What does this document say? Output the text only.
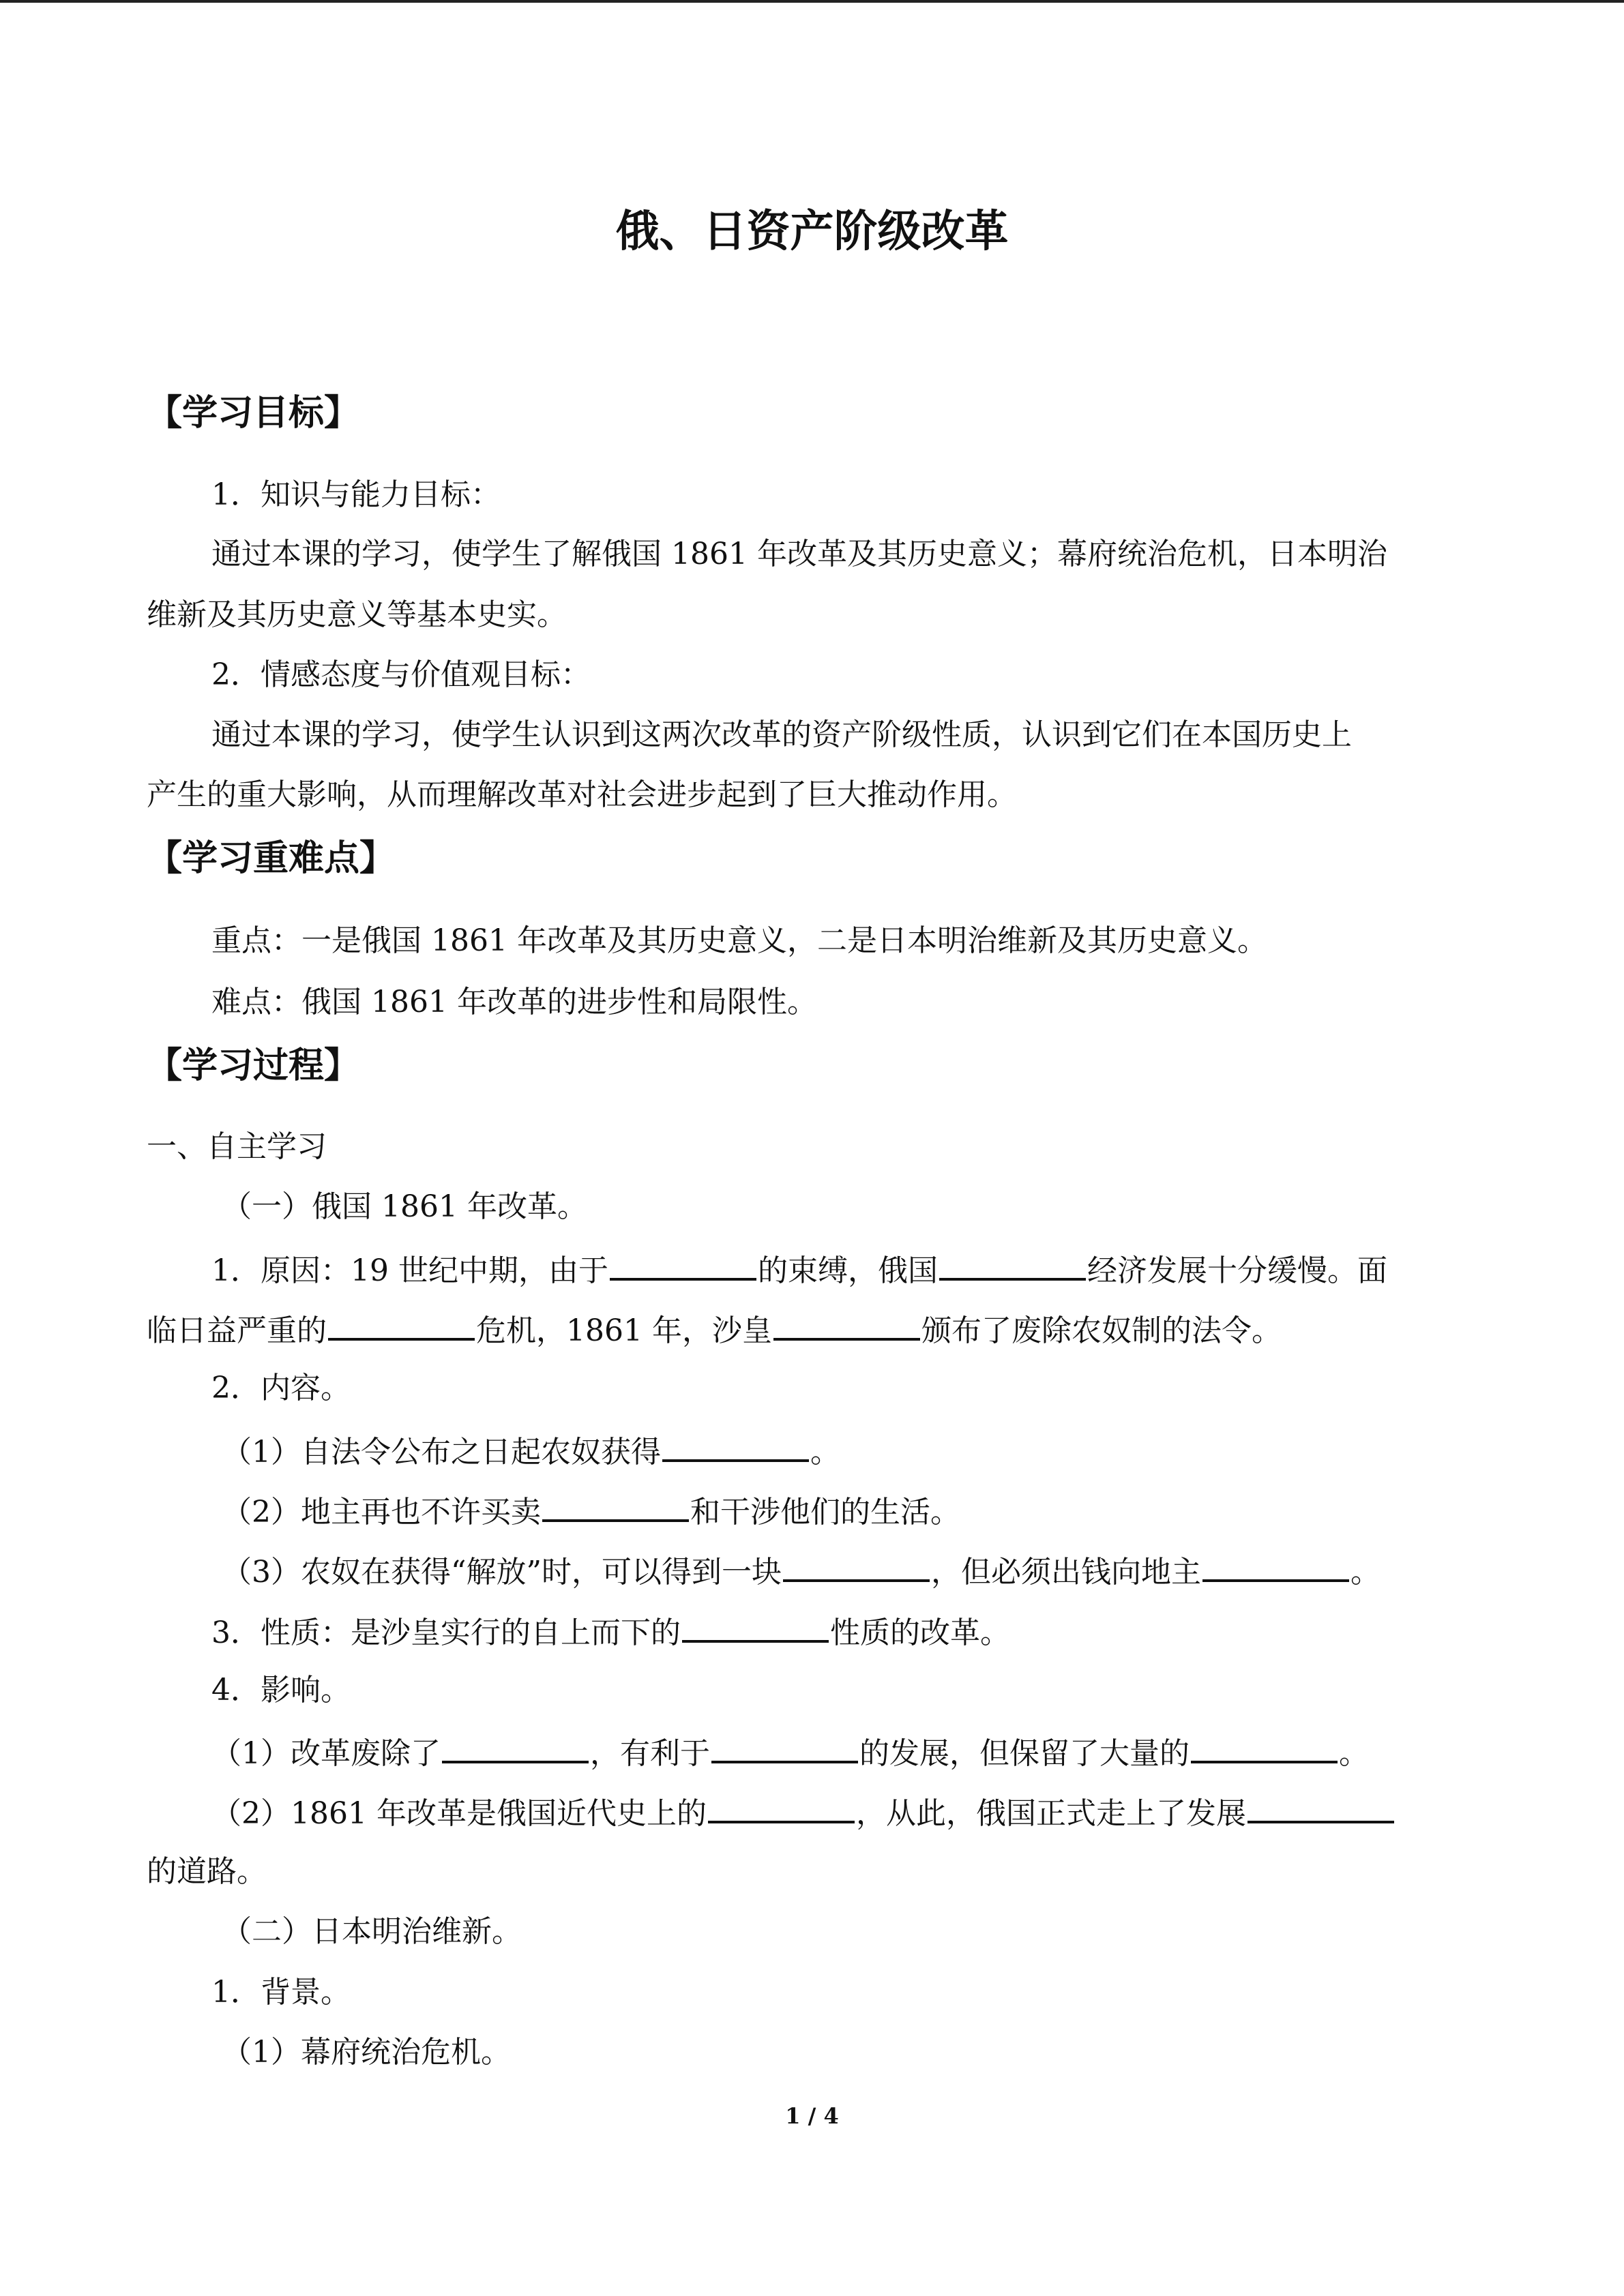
俄、日资产阶级改革
【学习目标】
1．知识与能力目标：
通过本课的学习，使学生了解俄国 1861 年改革及其历史意义；幕府统治危机，日本明治
维新及其历史意义等基本史实。
2．情感态度与价值观目标：
通过本课的学习，使学生认识到这两次改革的资产阶级性质，认识到它们在本国历史上
产生的重大影响，从而理解改革对社会进步起到了巨大推动作用。
【学习重难点】
重点：一是俄国 1861 年改革及其历史意义，二是日本明治维新及其历史意义。
难点：俄国 1861 年改革的进步性和局限性。
【学习过程】
一、自主学习
（一）俄国 1861 年改革。
1．原因：19 世纪中期，由于	的束缚，俄国	经济发展十分缓慢。面
临日益严重的	危机，1861 年，沙皇	颁布了废除农奴制的法令。
2．内容。
（1）自法令公布之日起农奴获得	。
（2）地主再也不许买卖	和干涉他们的生活。
（3）农奴在获得“解放”时，可以得到一块	，但必须出钱向地主	。
3．性质：是沙皇实行的自上而下的	性质的改革。
4．影响。
（1）改革废除了	，有利于	的发展，但保留了大量的	。
（2）1861 年改革是俄国近代史上的	，从此，俄国正式走上了发展
的道路。
（二）日本明治维新。
1．背景。
（1）幕府统治危机。
1 / 4
